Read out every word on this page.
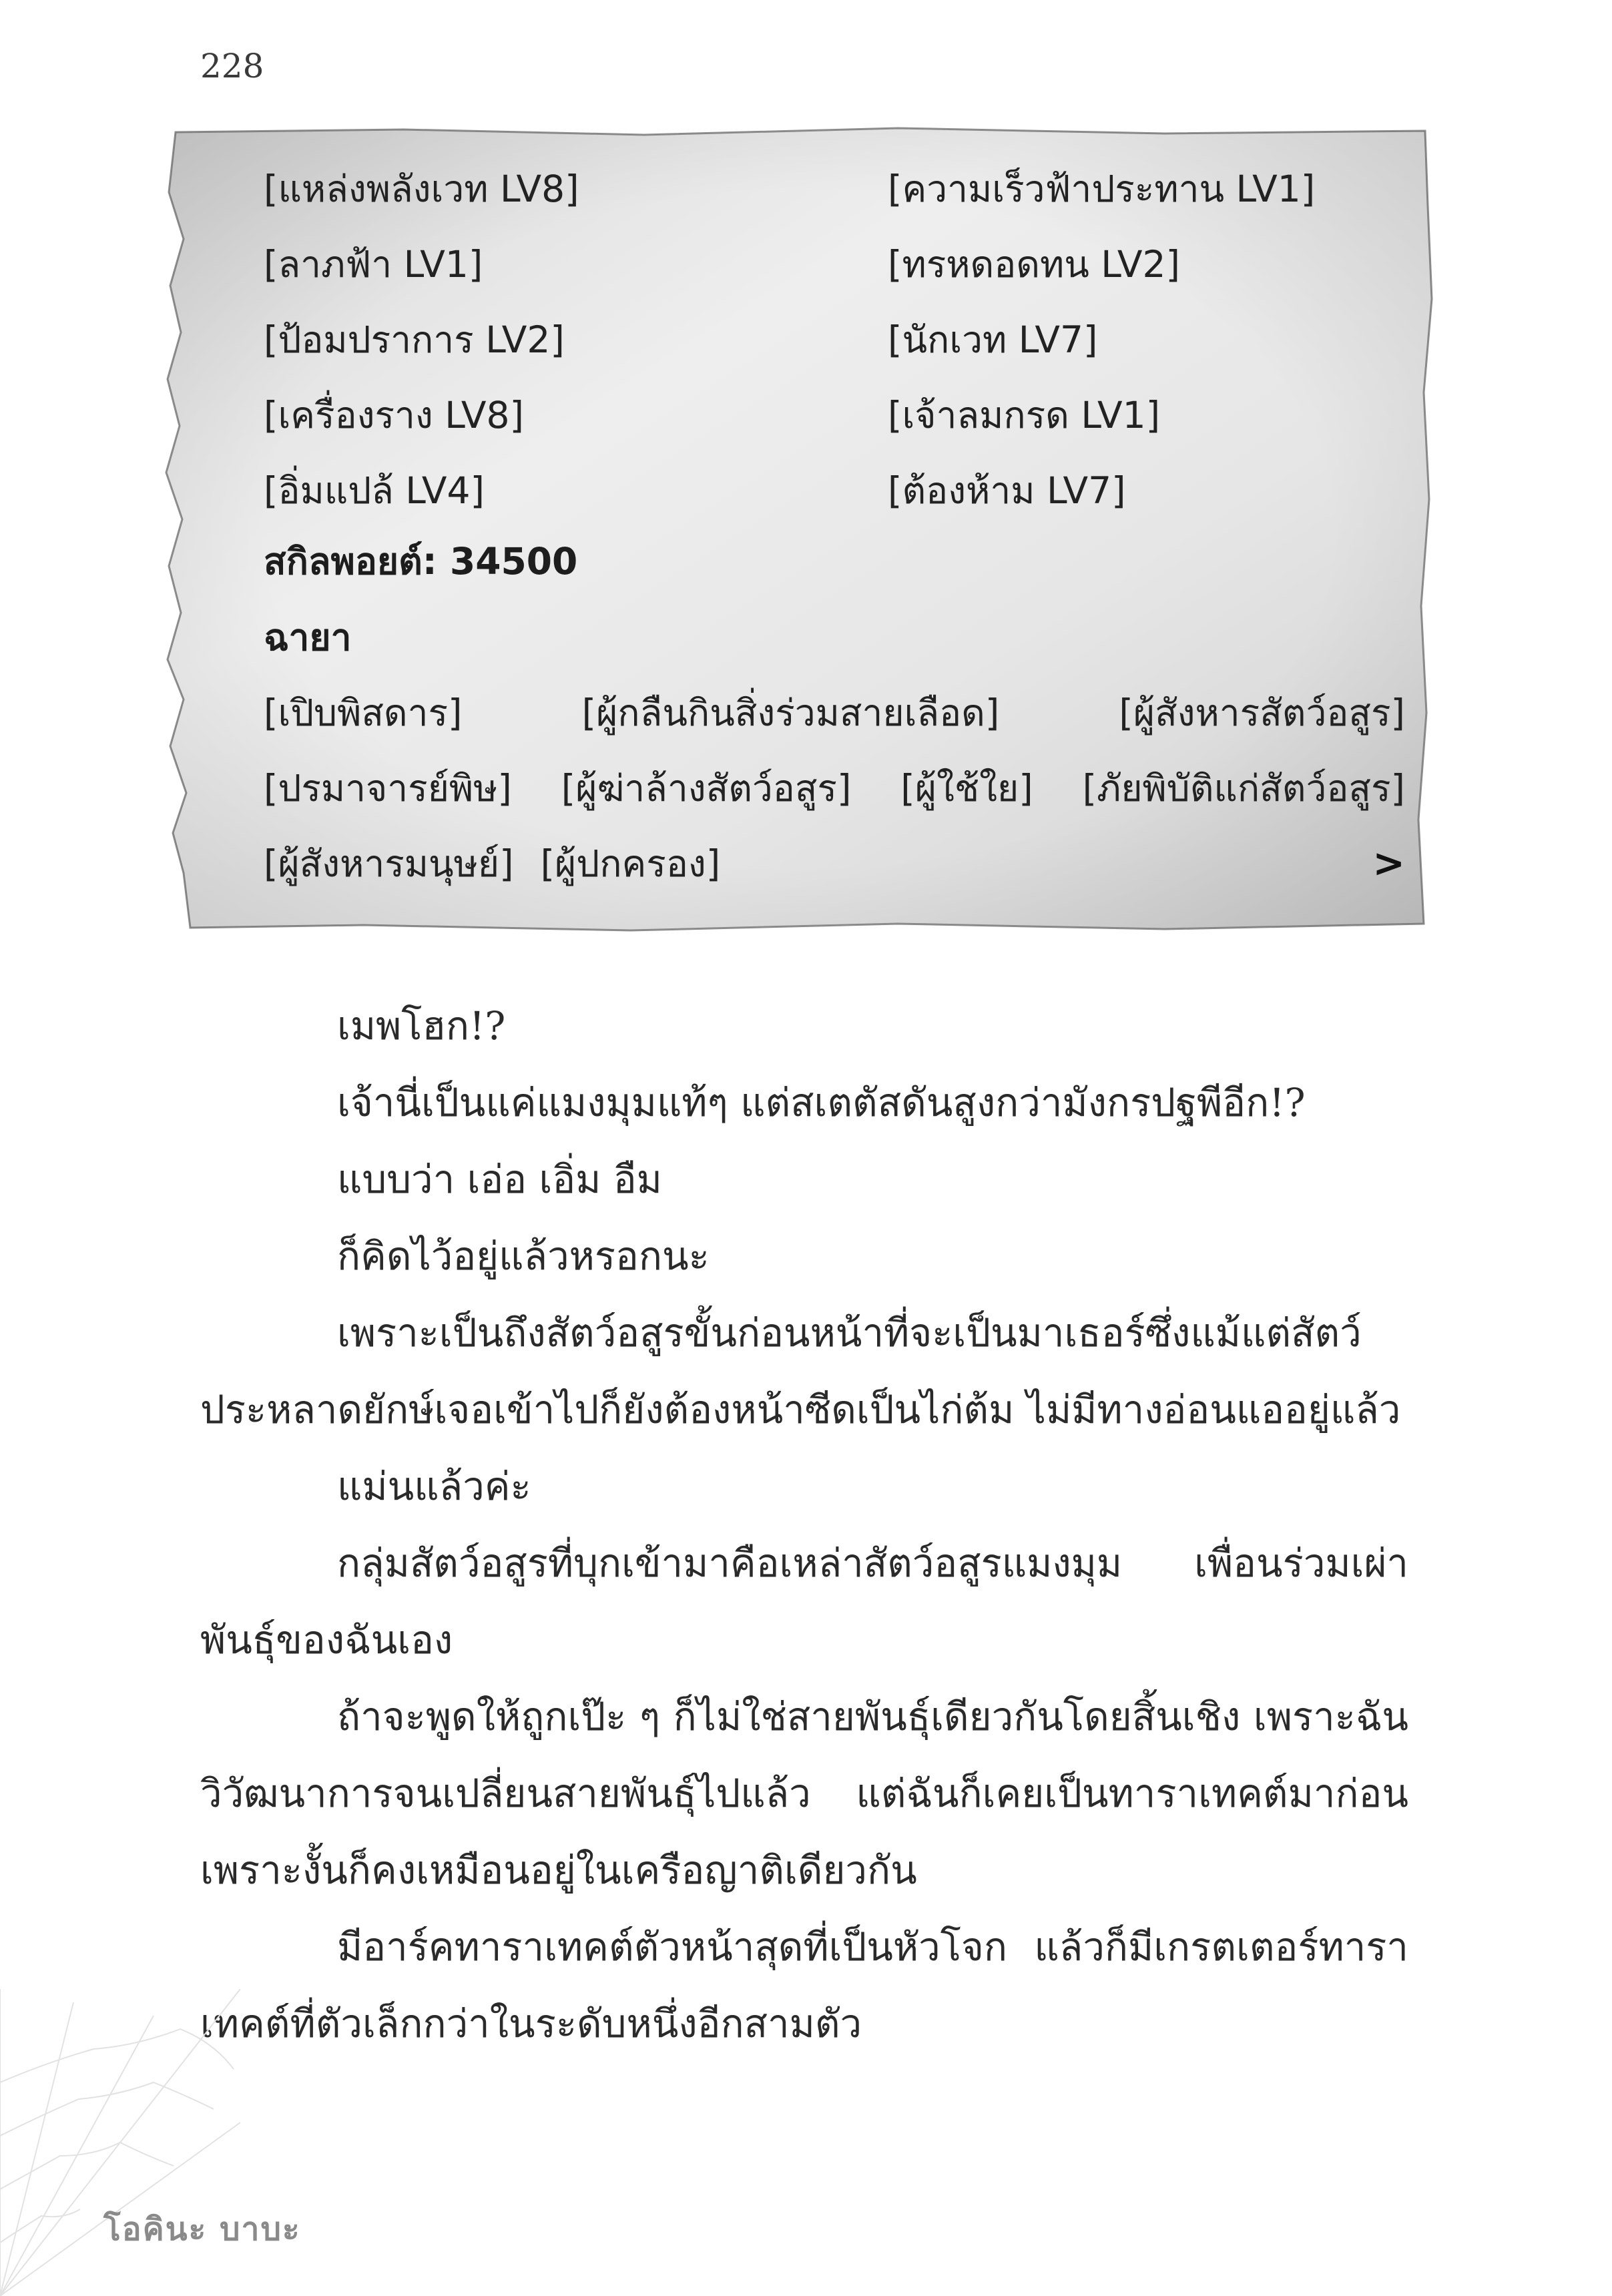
228
[แหล่งพลังเวท LV8]	[ความเร็วฟ้าประทาน LV1]
[ลาภฟ้า LV1]	[ทรหดอดทน LV2]
[ป้อมปราการ LV2]	[นักเวท LV7]
[เครื่องราง LV8]	[เจ้าลมกรด LV1]
[อิ่มแปล้ LV4]	[ต้องห้าม LV7]
สกิลพอยต์: 34500
ฉายา
[เปิบพิสดาร]	[ผู้กลืนกินสิ่งร่วมสายเลือด]	[ผู้สังหารสัตว์อสูร]
[ปรมาจารย์พิษ] [ผู้ฆ่าล้างสัตว์อสูร] [ผู้ใช้ใย] [ภัยพิบัติแก่สัตว์อสูร]
[ผู้สังหารมนุษย์] [ผู้ปกครอง]	>

เมพโฮก!?

เจ้านี่เป็นแค่แมงมุมแท้ๆ แต่สเตตัสดันสูงกว่ามังกรปฐพีอีก!?

แบบว่า เอ่อ เอิ่ม อืม

ก็คิดไว้อยู่แล้วหรอกนะ

เพราะเป็นถึงสัตว์อสูรขั้นก่อนหน้าที่จะเป็นมาเธอร์ซึ่งแม้แต่สัตว์ประหลาดยักษ์เจอเข้าไปก็ยังต้องหน้าซีดเป็นไก่ต้ม ไม่มีทางอ่อนแออยู่แล้ว

แม่นแล้วค่ะ

กลุ่มสัตว์อสูรที่บุกเข้ามาคือเหล่าสัตว์อสูรแมงมุม เพื่อนร่วมเผ่าพันธุ์ของฉันเอง

ถ้าจะพูดให้ถูกเป๊ะ ๆ ก็ไม่ใช่สายพันธุ์เดียวกันโดยสิ้นเชิง เพราะฉันวิวัฒนาการจนเปลี่ยนสายพันธุ์ไปแล้ว แต่ฉันก็เคยเป็นทาราเทคต์มาก่อน เพราะงั้นก็คงเหมือนอยู่ในเครือญาติเดียวกัน

มีอาร์คทาราเทคต์ตัวหน้าสุดที่เป็นหัวโจก แล้วก็มีเกรตเตอร์ทาราเทคต์ที่ตัวเล็กกว่าในระดับหนึ่งอีกสามตัว

โอคินะ บาบะ
